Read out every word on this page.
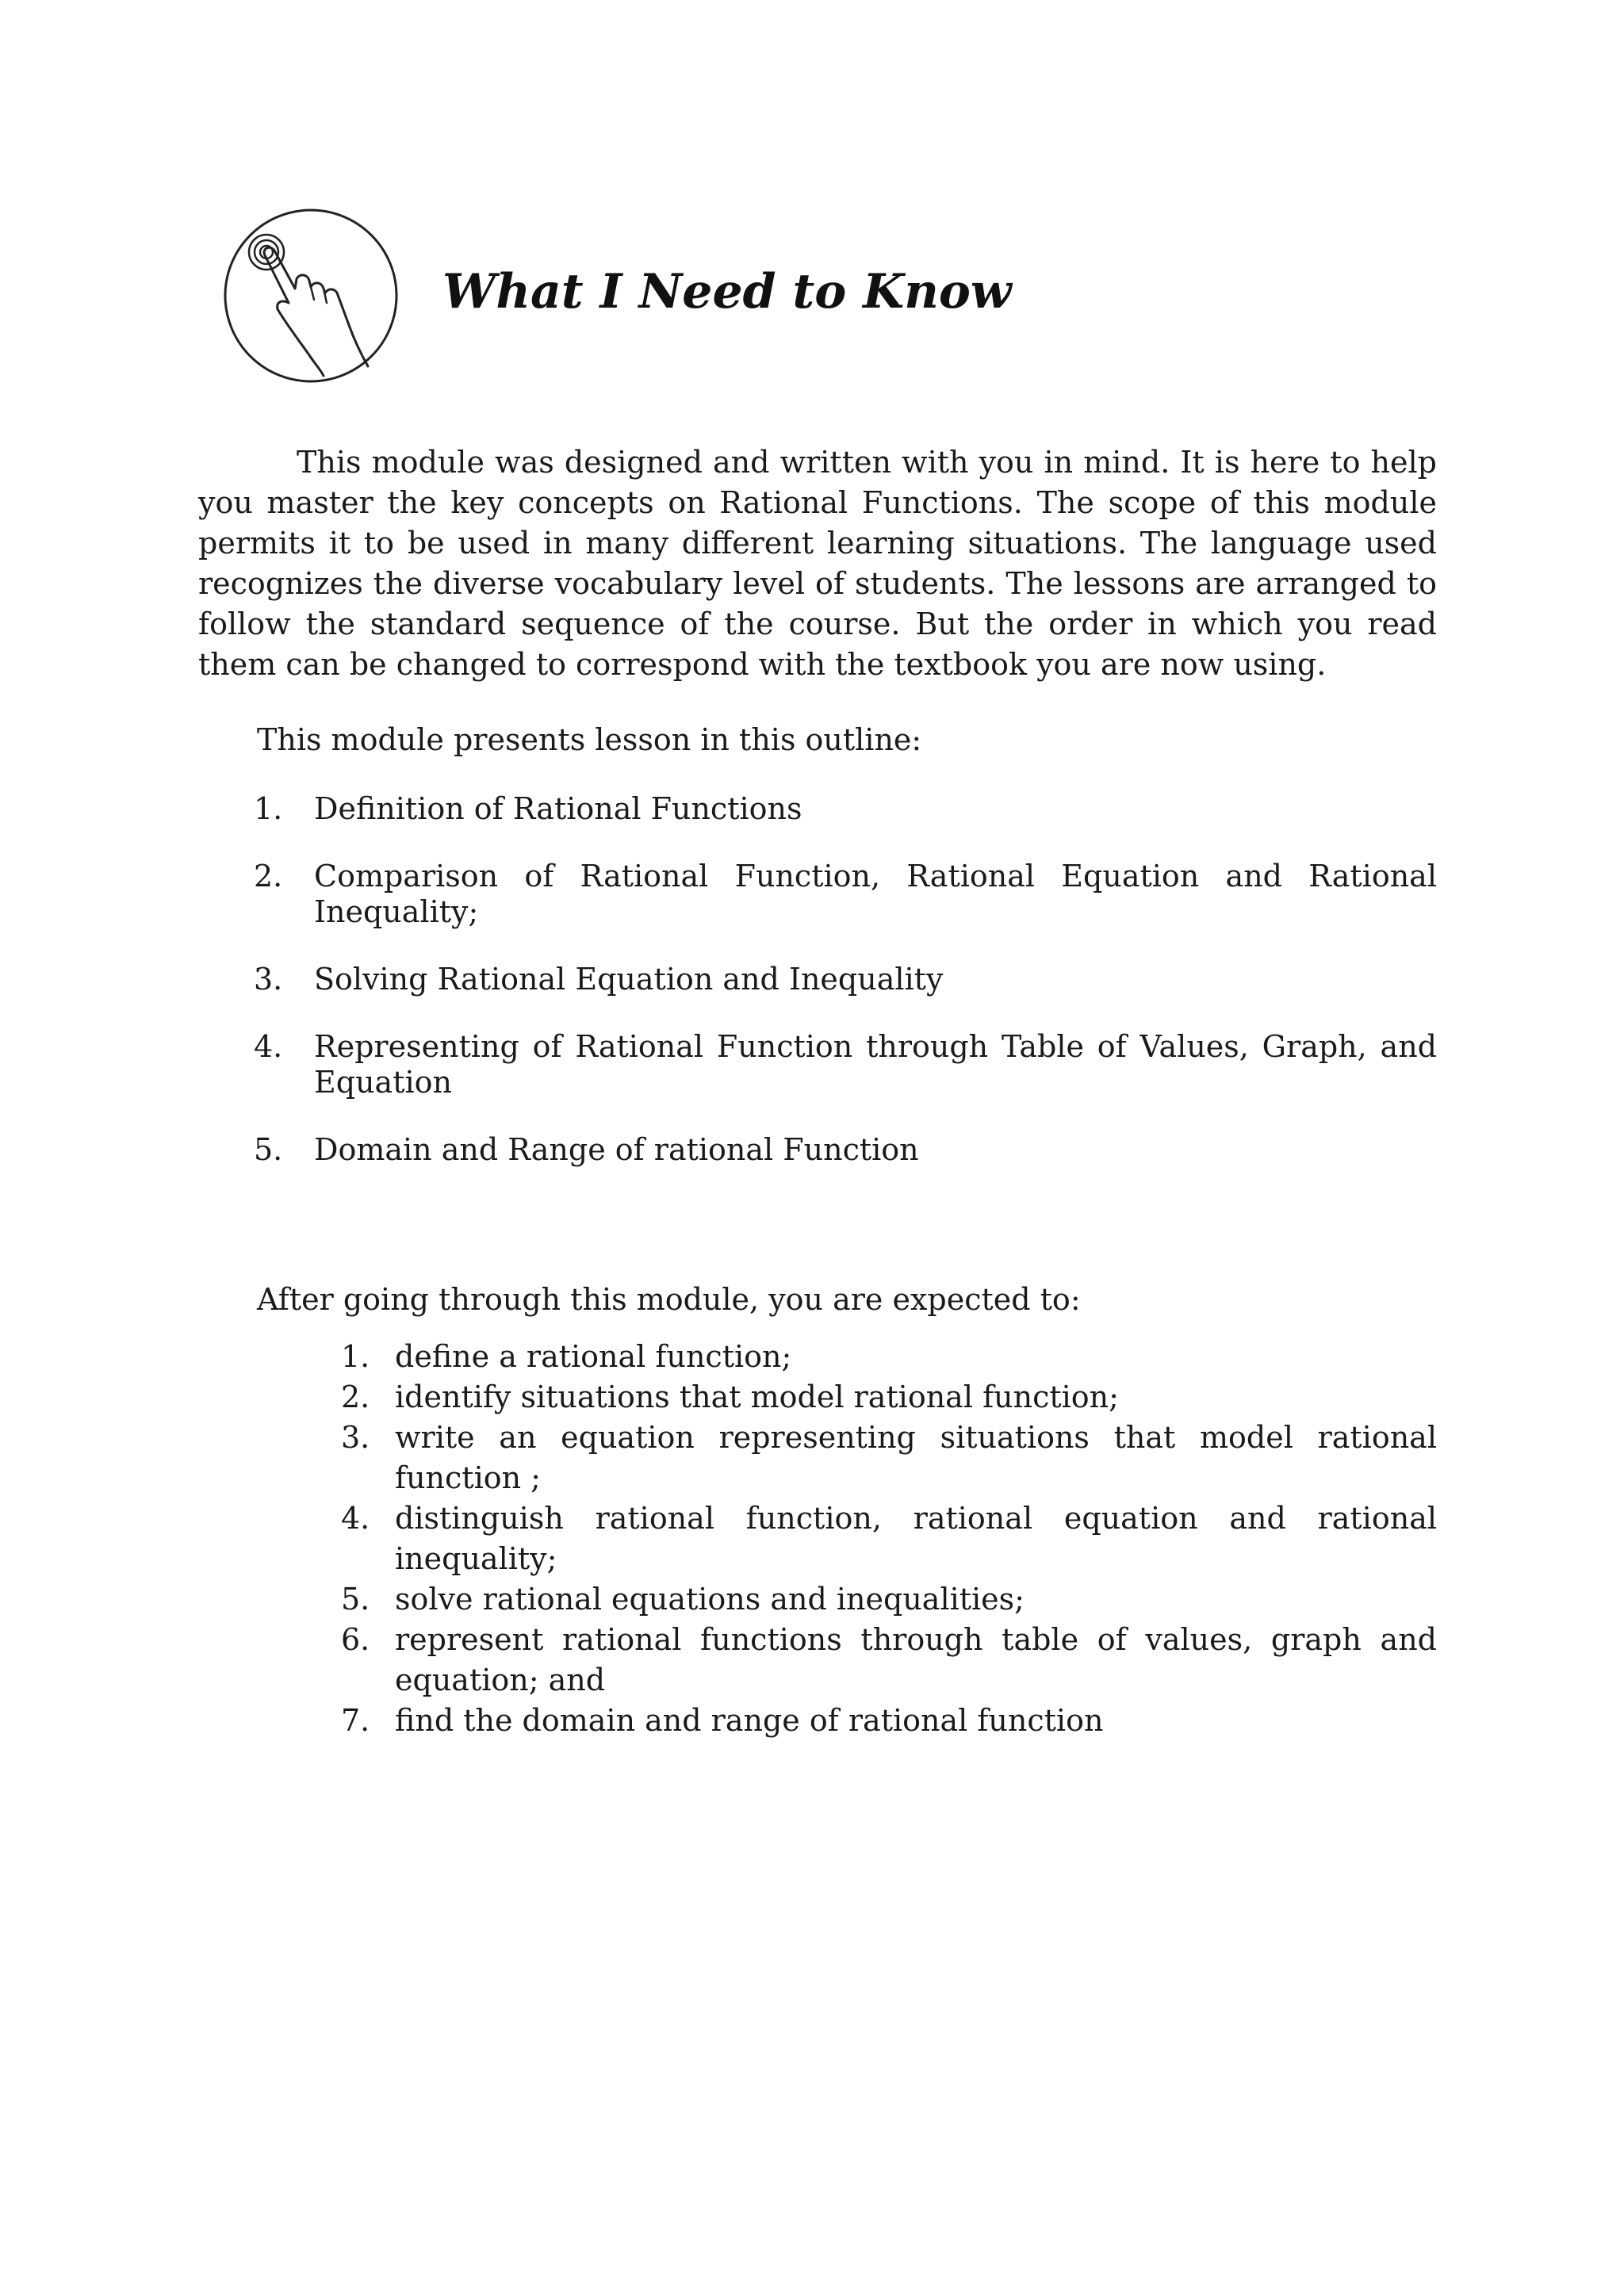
What I Need to Know

This module was designed and written with you in mind. It is here to help you master the key concepts on Rational Functions. The scope of this module permits it to be used in many different learning situations. The language used recognizes the diverse vocabulary level of students. The lessons are arranged to follow the standard sequence of the course. But the order in which you read them can be changed to correspond with the textbook you are now using.

This module presents lesson in this outline:

1.	Definition of Rational Functions
2.	Comparison of Rational Function, Rational Equation and Rational Inequality;
3.	Solving Rational Equation and Inequality
4.	Representing of Rational Function through Table of Values, Graph, and Equation
5.	Domain and Range of rational Function

After going through this module, you are expected to:

1. define a rational function;
2. identify situations that model rational function;
3. write an equation representing situations that model rational function ;
4. distinguish rational function, rational equation and rational inequality;
5. solve rational equations and inequalities;
6. represent rational functions through table of values, graph and equation; and
7. find the domain and range of rational function
